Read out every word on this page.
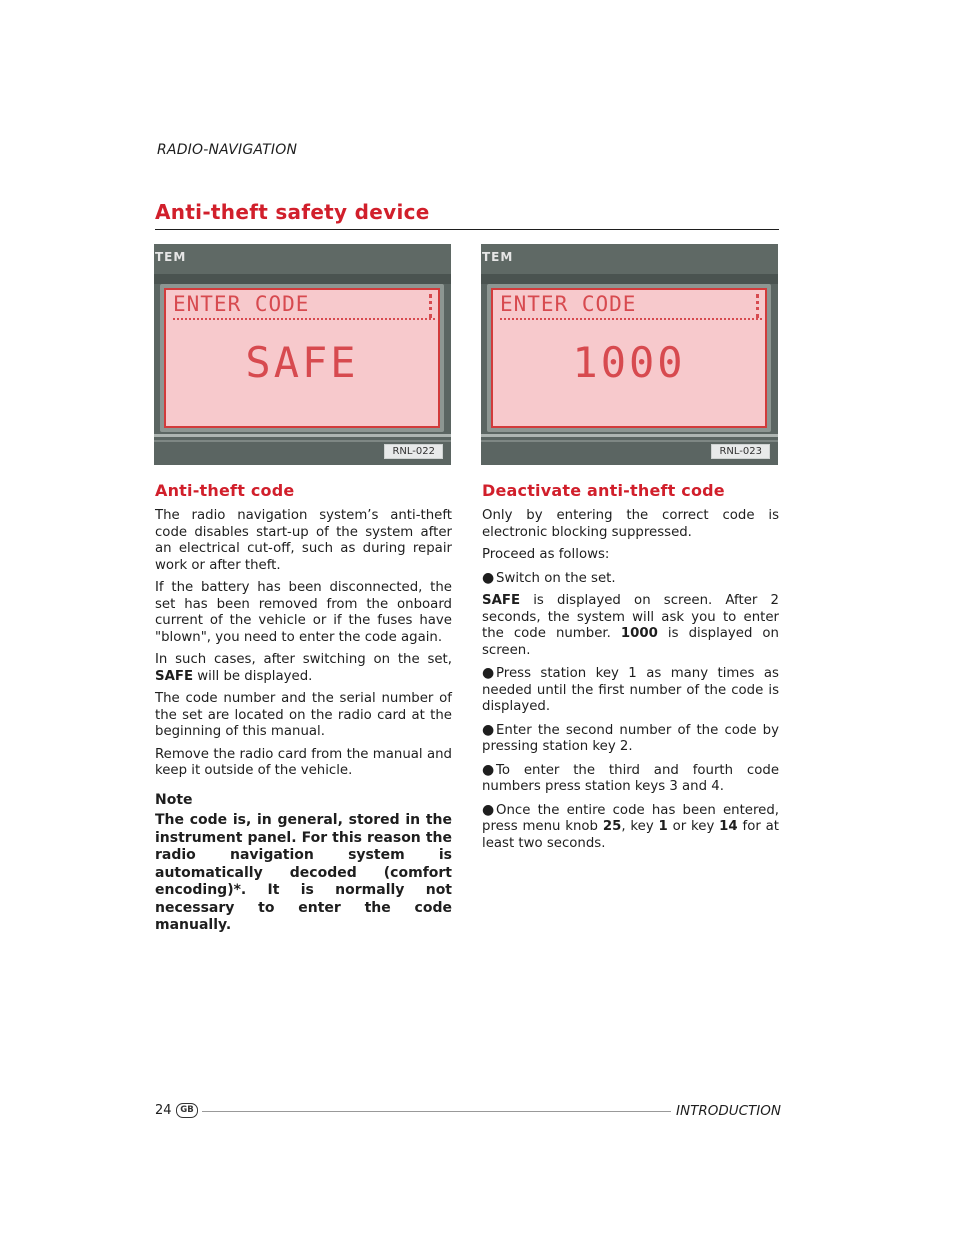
RADIO-NAVIGATION
Anti-theft safety device
TEM
ENTER CODE
SAFE
RNL-022
TEM
ENTER CODE
1000
RNL-023
Anti-theft code

The radio navigation system’s anti-theft code disables start-up of the system after an electrical cut-off, such as during repair work or after theft.

If the battery has been disconnected, the set has been removed from the onboard current of the vehicle or if the fuses have "blown", you need to enter the code again.

In such cases, after switching on the set, SAFE will be displayed.

The code number and the serial number of the set are located on the radio card at the beginning of this manual.

Remove the radio card from the manual and keep it outside of the vehicle.

Note

The code is, in general, stored in the instrument panel. For this reason the radio navigation system is automatically decoded (comfort encoding)*. It is normally not necessary to enter the code manually.

Deactivate anti-theft code

Only by entering the correct code is electronic blocking suppressed.

Proceed as follows:

● Switch on the set.

SAFE is displayed on screen. After 2 seconds, the system will ask you to enter the code number. 1000 is displayed on screen.

● Press station key 1 as many times as needed until the first number of the code is displayed.

● Enter the second number of the code by pressing station key 2.

● To enter the third and fourth code numbers press station keys 3 and 4.

● Once the entire code has been entered, press menu knob 25, key 1 or key 14 for at least two seconds.

24	GB	INTRODUCTION
